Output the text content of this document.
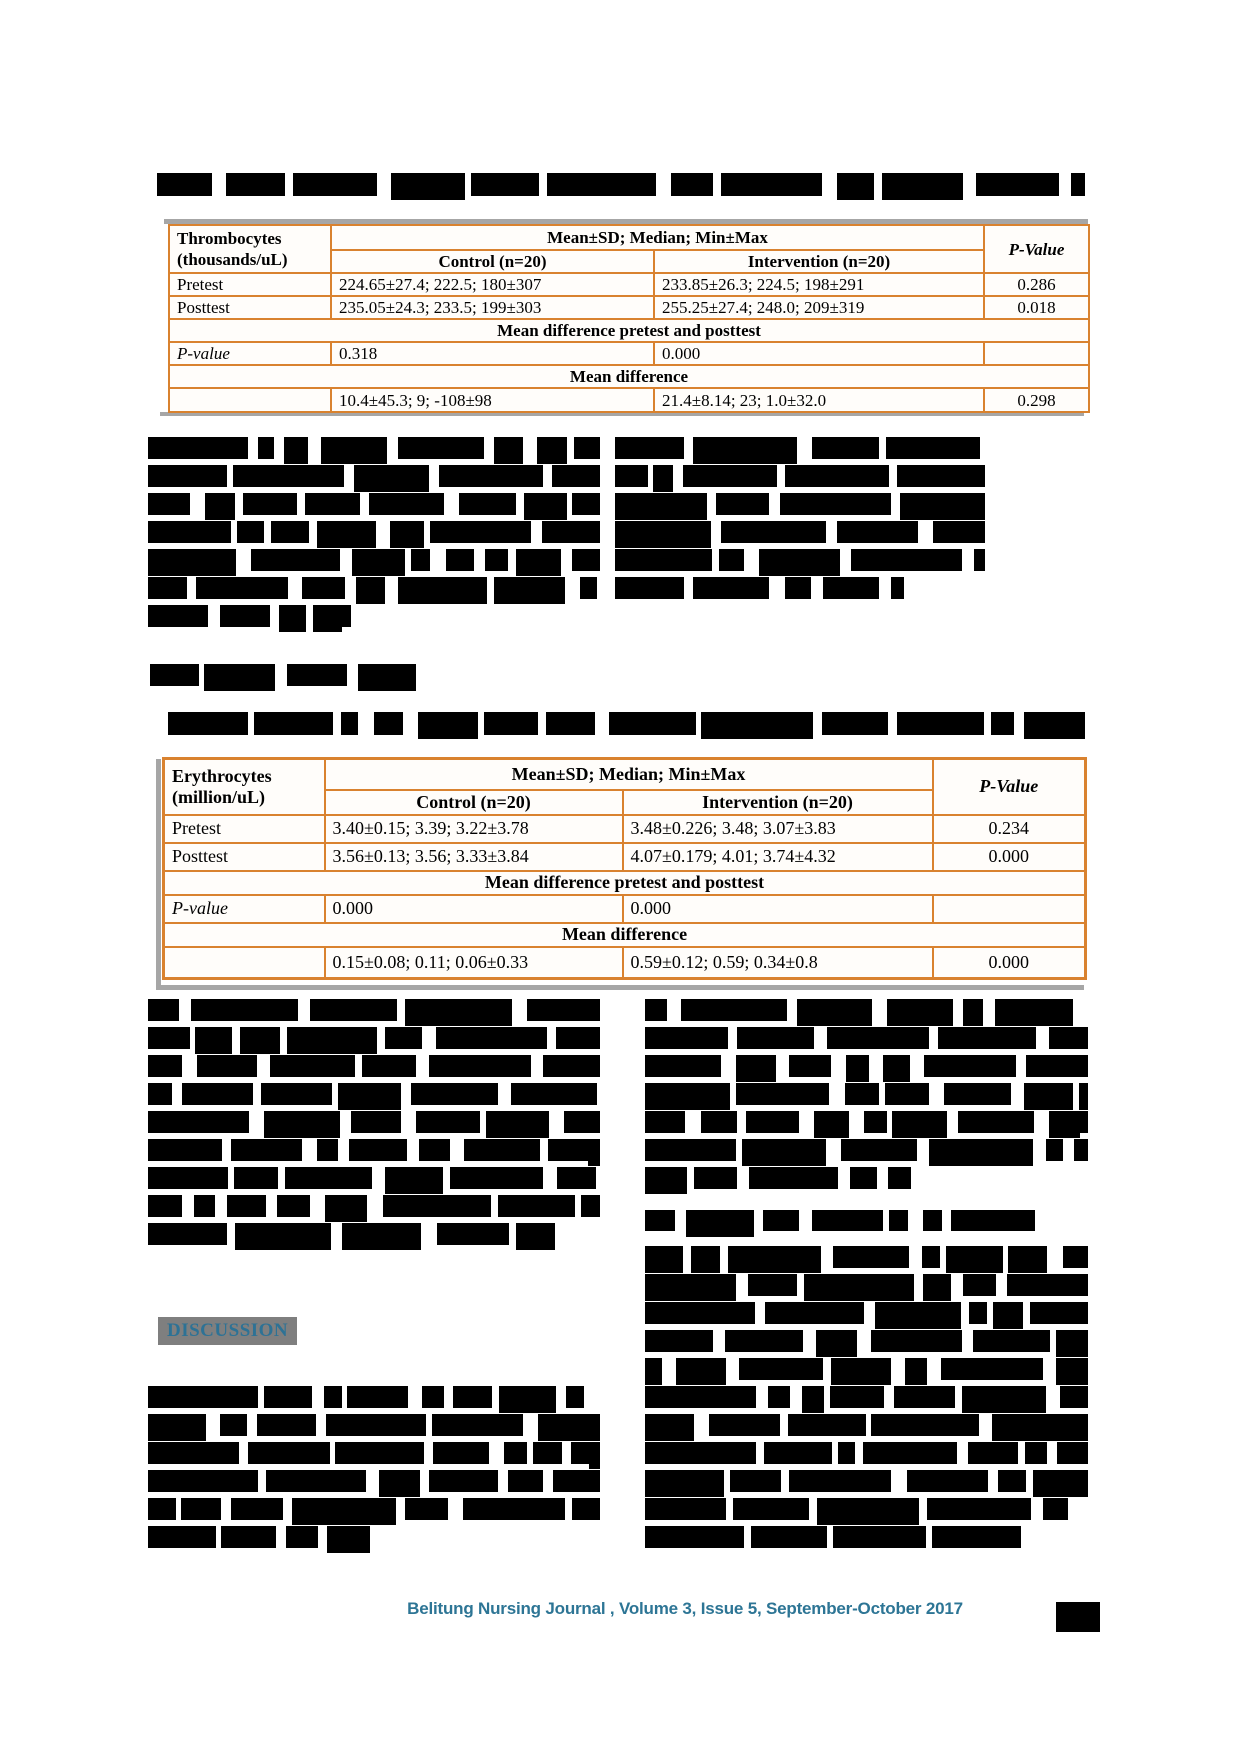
Thrombocytes
(thousands/uL)	Mean±SD; Median; Min±Max		P-Value
	Control (n=20)	Intervention (n=20)	
Pretest	224.65±27.4; 222.5; 180±307	233.85±26.3; 224.5; 198±291	0.286
Posttest	235.05±24.3; 233.5; 199±303	255.25±27.4; 248.0; 209±319	0.018
Mean difference pretest and posttest			
P-value	0.318	0.000	
Mean difference			
	10.4±45.3; 9; -108±98	21.4±8.14; 23; 1.0±32.0	0.298
Erythrocytes
(million/uL)	Mean±SD; Median; Min±Max		P-Value
	Control (n=20)	Intervention (n=20)	
Pretest	3.40±0.15; 3.39; 3.22±3.78	3.48±0.226; 3.48; 3.07±3.83	0.234
Posttest	3.56±0.13; 3.56; 3.33±3.84	4.07±0.179; 4.01; 3.74±4.32	0.000
Mean difference pretest and posttest			
P-value	0.000	0.000	
Mean difference			
	0.15±0.08; 0.11; 0.06±0.33	0.59±0.12; 0.59; 0.34±0.8	0.000
DISCUSSION
Belitung Nursing Journal , Volume 3, Issue 5, September-October 2017
